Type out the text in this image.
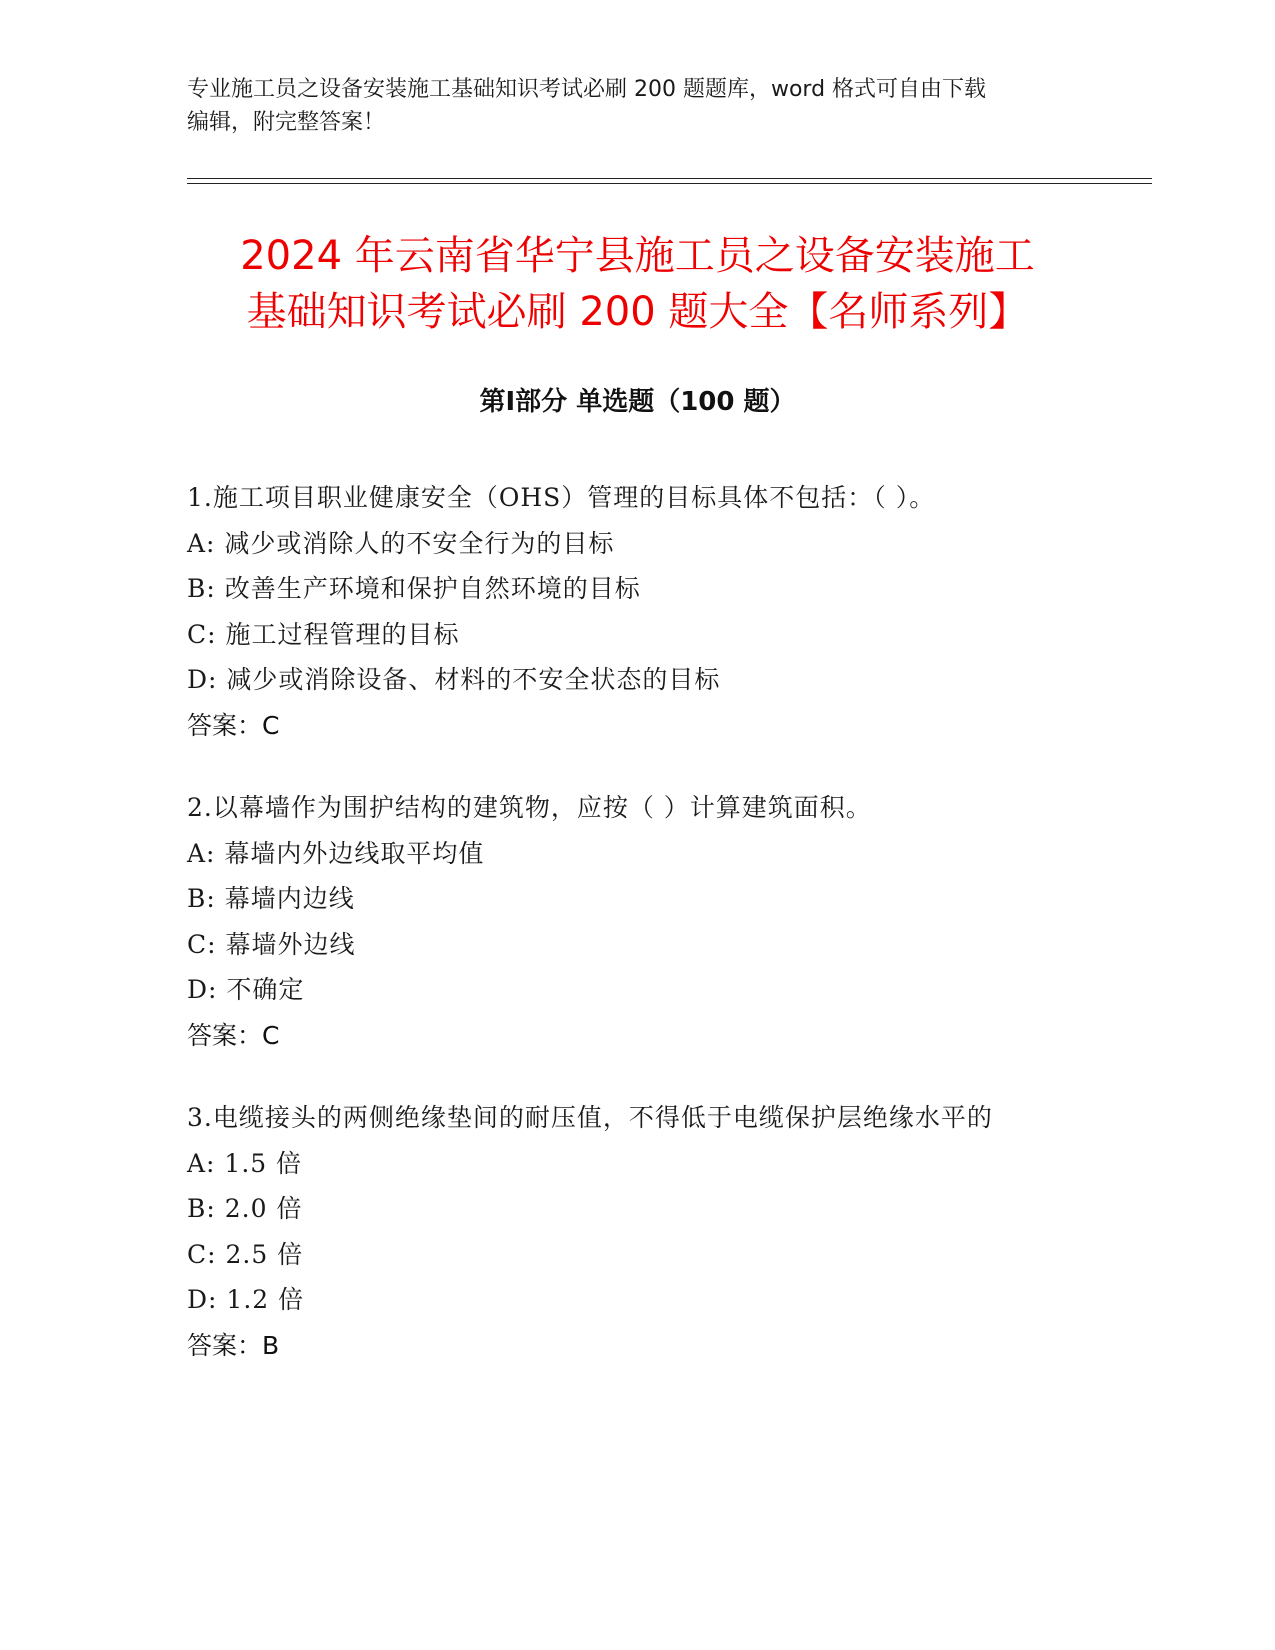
专业施工员之设备安装施工基础知识考试必刷 200 题题库，word 格式可自由下载
编辑，附完整答案！
2024 年云南省华宁县施工员之设备安装施工
基础知识考试必刷 200 题大全【名师系列】
第Ⅰ部分 单选题（100 题）
1.施工项目职业健康安全（OHS）管理的目标具体不包括：（ ）。
A: 减少或消除人的不安全行为的目标
B: 改善生产环境和保护自然环境的目标
C: 施工过程管理的目标
D: 减少或消除设备、材料的不安全状态的目标
答案：C
2.以幕墙作为围护结构的建筑物，应按（ ）计算建筑面积。
A: 幕墙内外边线取平均值
B: 幕墙内边线
C: 幕墙外边线
D: 不确定
答案：C
3.电缆接头的两侧绝缘垫间的耐压值，不得低于电缆保护层绝缘水平的
A: 1.5 倍
B: 2.0 倍
C: 2.5 倍
D: 1.2 倍
答案：B
